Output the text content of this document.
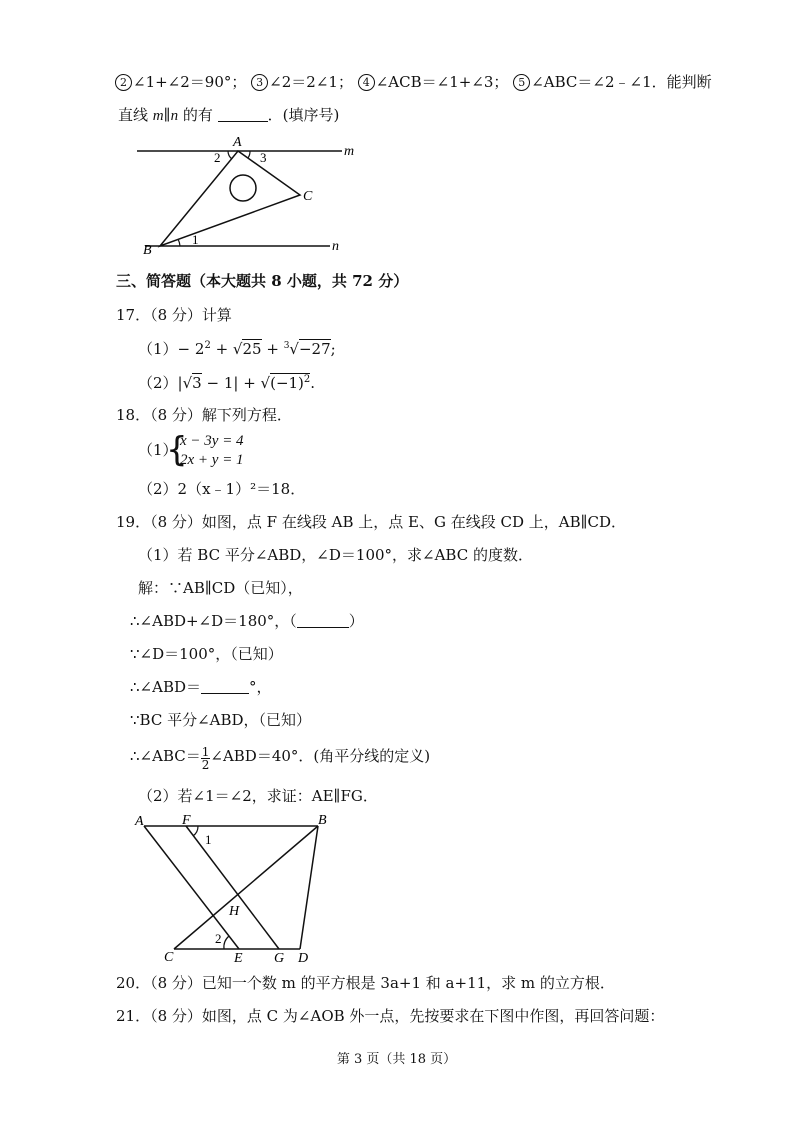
2 ∠1+∠2＝90°； 3 ∠2＝2∠1； 4 ∠ACB＝∠1+∠3； 5 ∠ABC＝∠2﹣∠1．能判断
直线 m∥n 的有	．(填序号)
A
2	3	m
C
B
1	n
三、简答题（本大题共 8 小题，共 72 分）
17．（8 分）计算
$(1)- 2^2 + √25 + ^3√-27$;
$(2)|√3 - 1| + √(-1)^2$.
18．（8 分）解下列方程．
（1）
{
x − 3y = 4
2x + y = 1
（2）2（x﹣1）²＝18．
19．（8 分）如图，点 F 在线段 AB 上，点 E、G 在线段 CD 上，AB∥CD．
（1）若 BC 平分∠ABD，∠D＝100°，求∠ABC 的度数．
解：∵AB∥CD（已知），
∴∠ABD+∠D＝180°，（	）
∵∠D＝100°，（已知）
∴∠ABD＝	°，
∵BC 平分∠ABD，（已知）
∴∠ABC＝ $\frac{1}{2}$ ∠ABD＝40°．(角平分线的定义)
（2）若∠1＝∠2，求证：AE∥FG．
A	F
1
B
H
2
C	E G D
20．（8 分）已知一个数 m 的平方根是 3a+1 和 a+11，求 m 的立方根．
21．（8 分）如图，点 C 为∠AOB 外一点，先按要求在下图中作图，再回答问题：
第 3 页（共 18 页）
